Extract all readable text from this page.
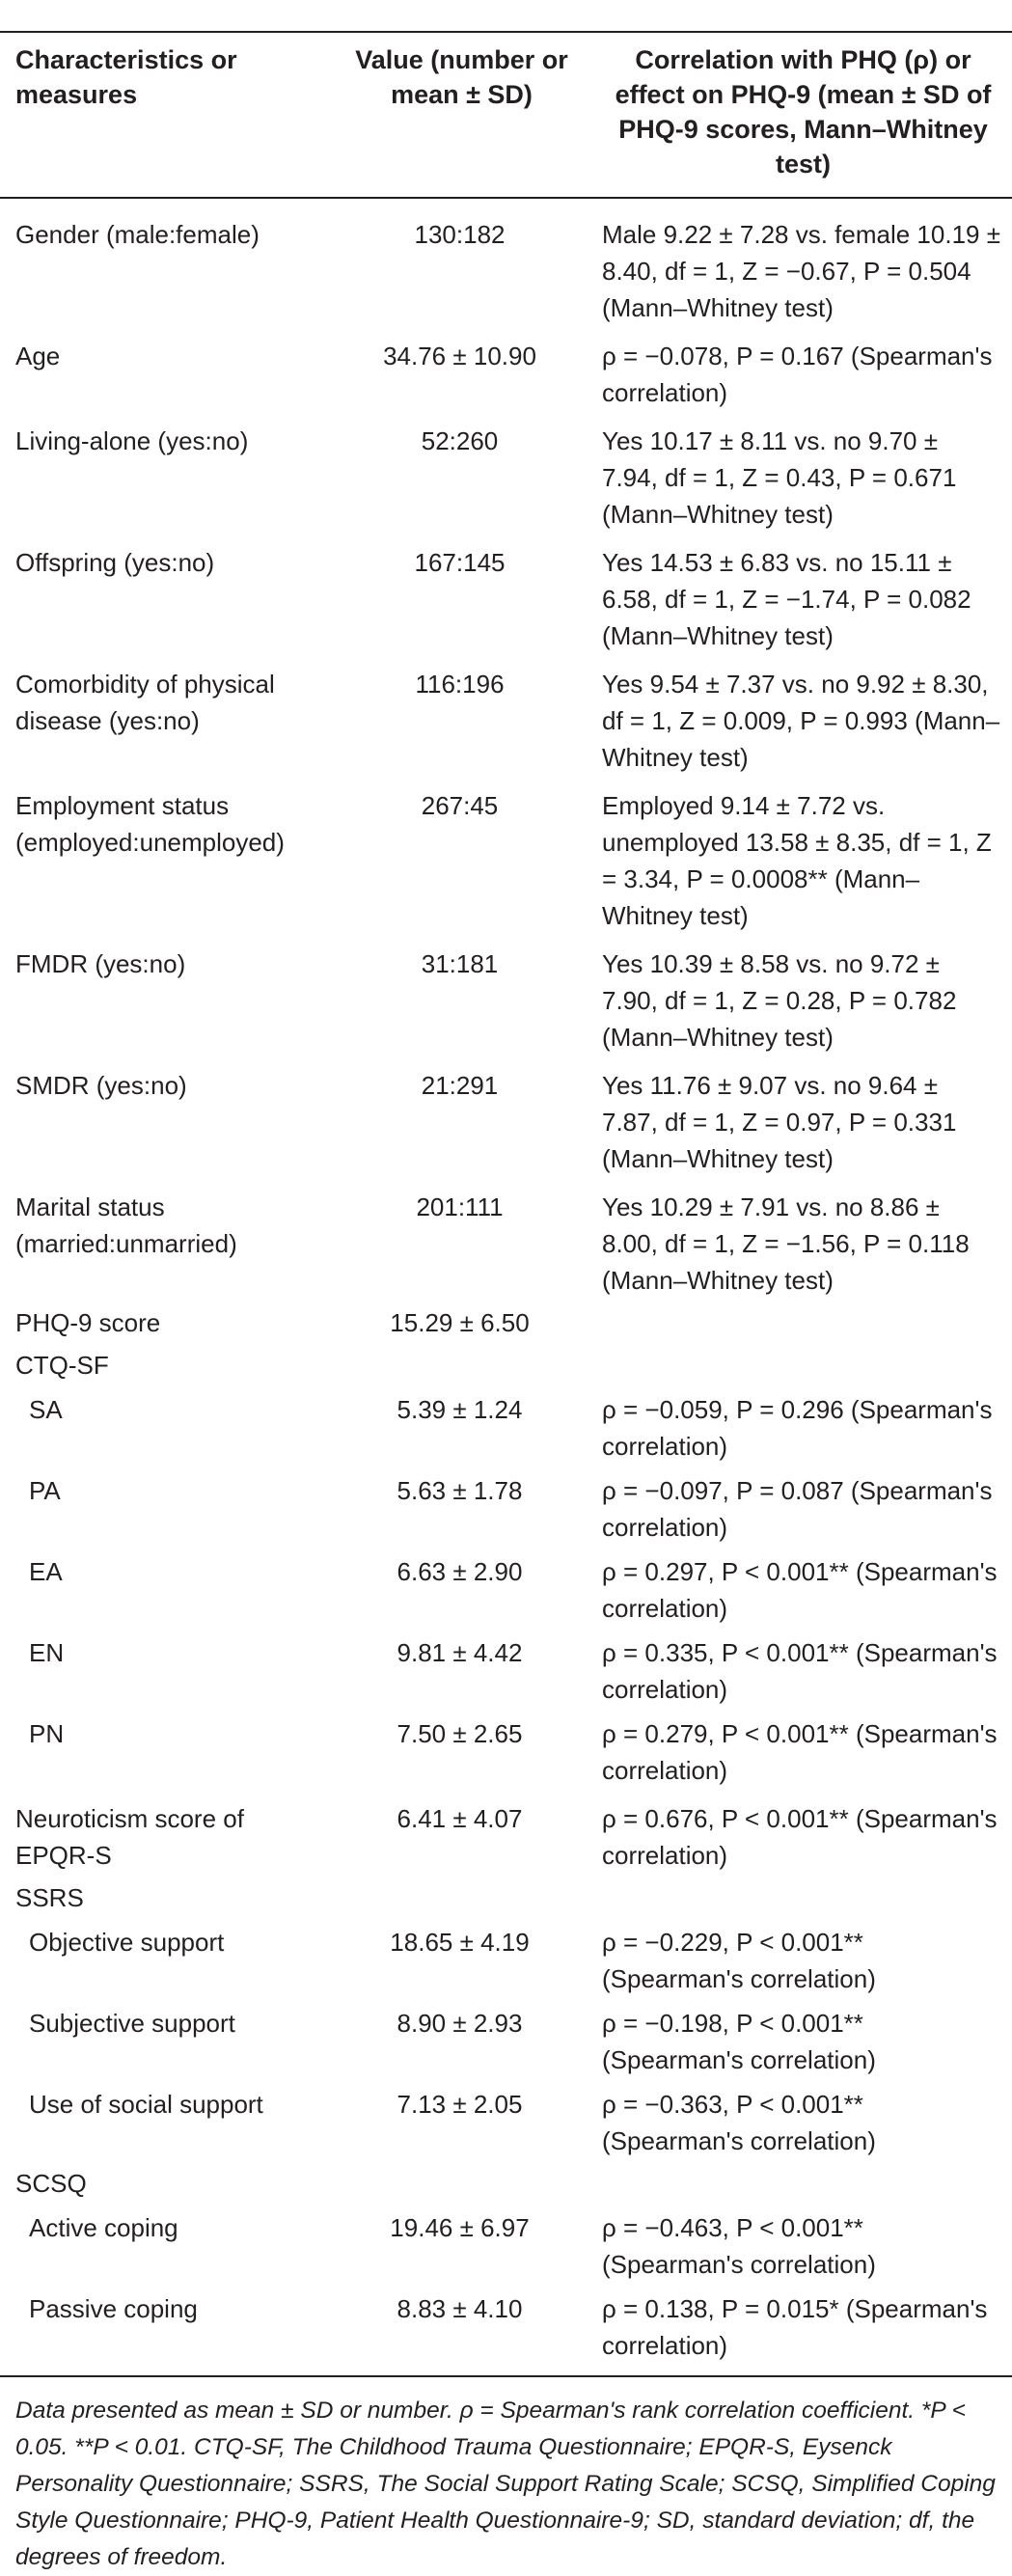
Characteristics or measures	Value (number or mean ± SD)	Correlation with PHQ (ρ) or effect on PHQ-9 (mean ± SD of PHQ-9 scores, Mann–Whitney test)

Gender (male:female)	130:182	Male 9.22 ± 7.28 vs. female 10.19 ± 8.40, df = 1, Z = −0.67, P = 0.504 (Mann–Whitney test)
Age	34.76 ± 10.90	ρ = −0.078, P = 0.167 (Spearman's correlation)
Living-alone (yes:no)	52:260	Yes 10.17 ± 8.11 vs. no 9.70 ± 7.94, df = 1, Z = 0.43, P = 0.671 (Mann–Whitney test)
Offspring (yes:no)	167:145	Yes 14.53 ± 6.83 vs. no 15.11 ± 6.58, df = 1, Z = −1.74, P = 0.082 (Mann–Whitney test)
Comorbidity of physical disease (yes:no)	116:196	Yes 9.54 ± 7.37 vs. no 9.92 ± 8.30, df = 1, Z = 0.009, P = 0.993 (Mann–Whitney test)
Employment status (employed:unemployed)	267:45	Employed 9.14 ± 7.72 vs. unemployed 13.58 ± 8.35, df = 1, Z = 3.34, P = 0.0008** (Mann–Whitney test)
FMDR (yes:no)	31:181	Yes 10.39 ± 8.58 vs. no 9.72 ± 7.90, df = 1, Z = 0.28, P = 0.782 (Mann–Whitney test)
SMDR (yes:no)	21:291	Yes 11.76 ± 9.07 vs. no 9.64 ± 7.87, df = 1, Z = 0.97, P = 0.331 (Mann–Whitney test)
Marital status (married:unmarried)	201:111	Yes 10.29 ± 7.91 vs. no 8.86 ± 8.00, df = 1, Z = −1.56, P = 0.118 (Mann–Whitney test)
PHQ-9 score	15.29 ± 6.50	
CTQ-SF		
SA	5.39 ± 1.24	ρ = −0.059, P = 0.296 (Spearman's correlation)
PA	5.63 ± 1.78	ρ = −0.097, P = 0.087 (Spearman's correlation)
EA	6.63 ± 2.90	ρ = 0.297, P < 0.001** (Spearman's correlation)
EN	9.81 ± 4.42	ρ = 0.335, P < 0.001** (Spearman's correlation)
PN	7.50 ± 2.65	ρ = 0.279, P < 0.001** (Spearman's correlation)
Neuroticism score of EPQR-S	6.41 ± 4.07	ρ = 0.676, P < 0.001** (Spearman's correlation)
SSRS		
Objective support	18.65 ± 4.19	ρ = −0.229, P < 0.001** (Spearman's correlation)
Subjective support	8.90 ± 2.93	ρ = −0.198, P < 0.001** (Spearman's correlation)
Use of social support	7.13 ± 2.05	ρ = −0.363, P < 0.001** (Spearman's correlation)
SCSQ		
Active coping	19.46 ± 6.97	ρ = −0.463, P < 0.001** (Spearman's correlation)
Passive coping	8.83 ± 4.10	ρ = 0.138, P = 0.015* (Spearman's correlation)

Data presented as mean ± SD or number. ρ = Spearman's rank correlation coefficient. *P < 0.05. **P < 0.01. CTQ-SF, The Childhood Trauma Questionnaire; EPQR-S, Eysenck Personality Questionnaire; SSRS, The Social Support Rating Scale; SCSQ, Simplified Coping Style Questionnaire; PHQ-9, Patient Health Questionnaire-9; SD, standard deviation; df, the degrees of freedom.
